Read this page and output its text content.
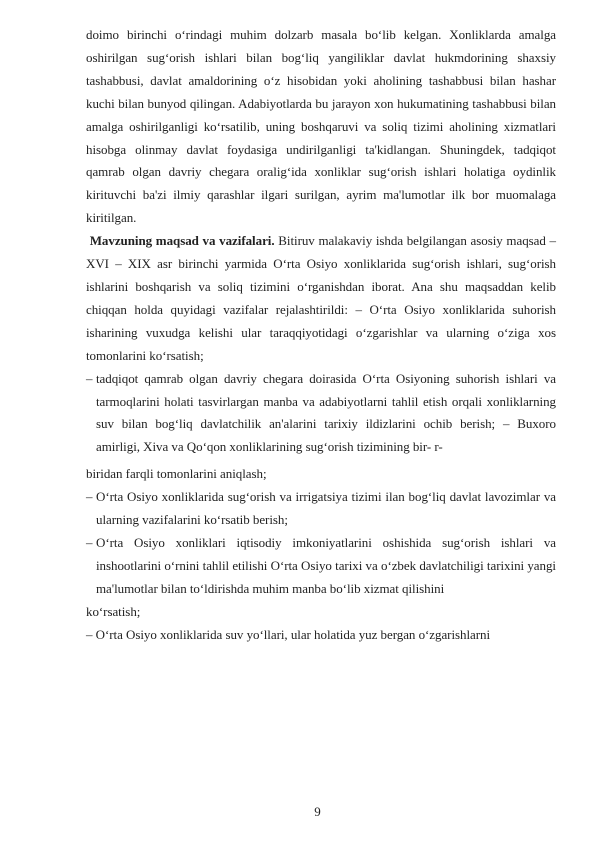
doimo birinchi o‘rindagi muhim dolzarb masala bo‘lib kelgan. Xonliklarda amalga oshirilgan sug‘orish ishlari bilan bog‘liq yangiliklar davlat hukmdorining shaxsiy tashabbusi, davlat amaldorining o‘z hisobidan yoki aholining tashabbusi bilan hashar kuchi bilan bunyod qilingan. Adabiyotlarda bu jarayon xon hukumatining tashabbusi bilan amalga oshirilganligi ko‘rsatilib, uning boshqaruvi va soliq tizimi aholining xizmatlari hisobga olinmay davlat foydasiga undirilganligi ta'kidlangan. Shuningdek, tadqiqot qamrab olgan davriy chegara oralig‘ida xonliklar sug‘orish ishlari holatiga oydinlik kirituvchi ba'zi ilmiy qarashlar ilgari surilgan, ayrim ma'lumotlar ilk bor muomalaga kiritilgan.

Mavzuning maqsad va vazifalari. Bitiruv malakaviy ishda belgilangan asosiy maqsad – XVI – XIX asr birinchi yarmida O‘rta Osiyo xonliklarida sug‘orish ishlari, sug‘orish ishlarini boshqarish va soliq tizimini o‘rganishdan iborat. Ana shu maqsaddan kelib chiqqan holda quyidagi vazifalar rejalashtirildi: – O‘rta Osiyo xonliklarida suhorish isharining vuxudga kelishi ular taraqqiyotidagi o‘zgarishlar va ularning o‘ziga xos tomonlarini ko‘rsatish;

– tadqiqot qamrab olgan davriy chegara doirasida O‘rta Osiyoning suhorish ishlari va tarmoqlarini holati tasvirlargan manba va adabiyotlarni tahlil etish orqali xonliklarning suv bilan bog‘liq davlatchilik an'alarini tarixiy ildizlarini ochib berish; – Buxoro amirligi, Xiva va Qo‘qon xonliklarining sug‘orish tizimining bir- r-

biridan farqli tomonlarini aniqlash;

– O‘rta Osiyo xonliklarida sug‘orish va irrigatsiya tizimi ilan bog‘liq davlat lavozimlar va ularning vazifalarini ko‘rsatib berish;

– O‘rta Osiyo xonliklari iqtisodiy imkoniyatlarini oshishida sug‘orish ishlari va inshootlarini o‘rnini tahlil etilishi O‘rta Osiyo tarixi va o‘zbek davlatchiligi tarixini yangi ma'lumotlar bilan to‘ldirishda muhim manba bo‘lib xizmat qilishini

ko‘rsatish;

– O‘rta Osiyo xonliklarida suv yo‘llari, ular holatida yuz bergan o‘zgarishlarni

9
